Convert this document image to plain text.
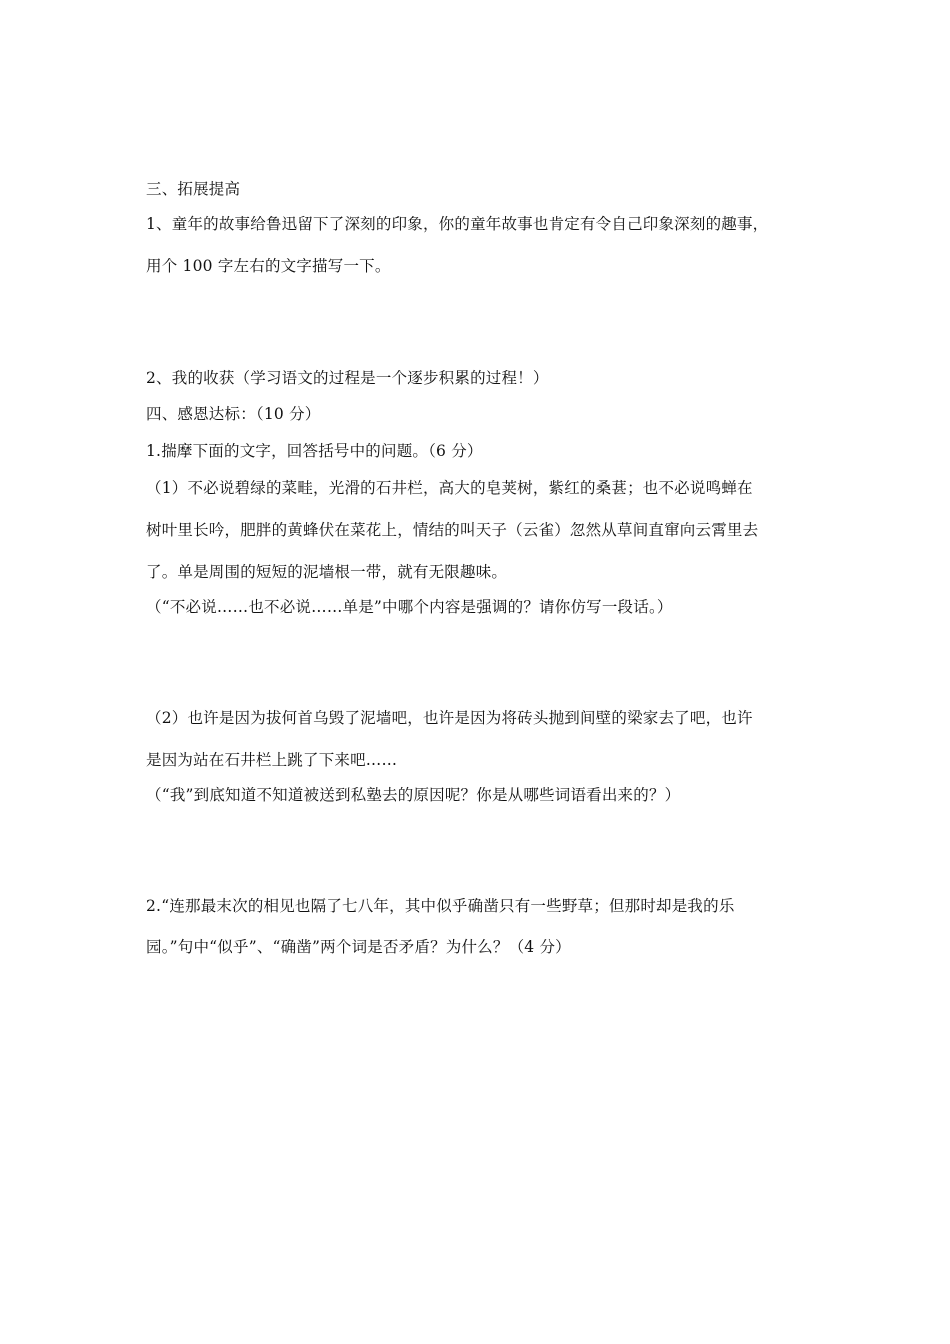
三、拓展提高
1、童年的故事给鲁迅留下了深刻的印象，你的童年故事也肯定有令自己印象深刻的趣事，
用个 100 字左右的文字描写一下。
2、我的收获（学习语文的过程是一个逐步积累的过程！）
四、感恩达标：（10 分）
1.揣摩下面的文字，回答括号中的问题。（6 分）
（1）不必说碧绿的菜畦，光滑的石井栏，高大的皂荚树，紫红的桑葚；也不必说鸣蝉在
树叶里长吟，肥胖的黄蜂伏在菜花上，情结的叫天子（云雀）忽然从草间直窜向云霄里去
了。单是周围的短短的泥墙根一带，就有无限趣味。
（“不必说……也不必说……单是”中哪个内容是强调的？请你仿写一段话。）
（2）也许是因为拔何首乌毁了泥墙吧，也许是因为将砖头抛到间壁的梁家去了吧，也许
是因为站在石井栏上跳了下来吧……
（“我”到底知道不知道被送到私塾去的原因呢？你是从哪些词语看出来的？）
2.“连那最末次的相见也隔了七八年，其中似乎确凿只有一些野草；但那时却是我的乐
园。”句中“似乎”、“确凿”两个词是否矛盾？为什么？（4 分）
